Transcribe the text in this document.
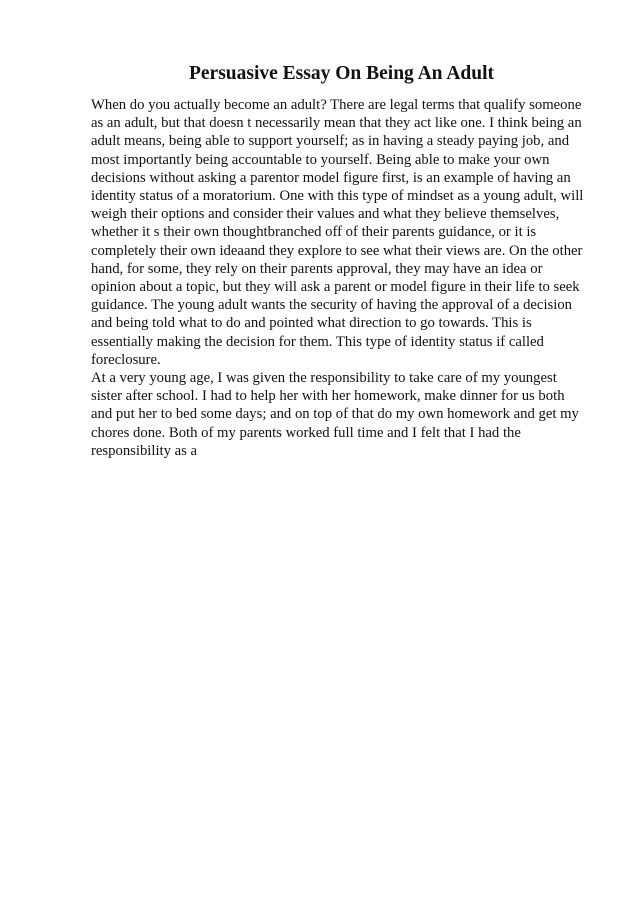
Persuasive Essay On Being An Adult
When do you actually become an adult? There are legal terms that qualify someone
as an adult, but that doesn t necessarily mean that they act like one. I think being an
adult means, being able to support yourself; as in having a steady paying job, and
most importantly being accountable to yourself. Being able to make your own
decisions without asking a parentor model figure first, is an example of having an
identity status of a moratorium. One with this type of mindset as a young adult, will
weigh their options and consider their values and what they believe themselves,
whether it s their own thoughtbranched off of their parents guidance, or it is
completely their own ideaand they explore to see what their views are. On the other
hand, for some, they rely on their parents approval, they may have an idea or
opinion about a topic, but they will ask a parent or model figure in their life to seek
guidance. The young adult wants the security of having the approval of a decision
and being told what to do and pointed what direction to go towards. This is
essentially making the decision for them. This type of identity status if called
foreclosure.
At a very young age, I was given the responsibility to take care of my youngest
sister after school. I had to help her with her homework, make dinner for us both
and put her to bed some days; and on top of that do my own homework and get my
chores done. Both of my parents worked full time and I felt that I had the
responsibility as a
